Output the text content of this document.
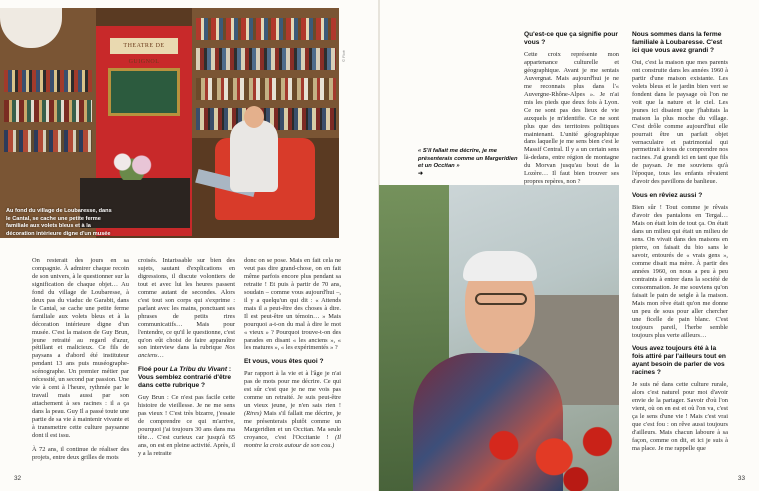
THEATRE DE GUIGNOL
Au fond du village de Loubaresse, dans le Cantal, se cache une petite ferme familiale aux volets bleus et à la décoration intérieure digne d'un musée
© Floé

On resterait des jours en sa compagnie. À admirer chaque recoin de son univers, à le questionner sur la signification de chaque objet… Au fond du village de Loubaresse, à deux pas du viaduc de Garabit, dans le Cantal, se cache une petite ferme familiale aux volets bleus et à la décoration intérieure digne d'un musée. C'est la maison de Guy Brun, jeune retraité au regard d'azur, pétillant et malicieux. Ce fils de paysans a d'abord été instituteur pendant 13 ans puis muséographe-scénographe. Un premier métier par nécessité, un second par passion. Une vie à cent à l'heure, rythmée par le travail mais aussi par son attachement à ses racines : il a ça dans la peau. Guy Il a passé toute une partie de sa vie à maintenir vivante et à transmettre cette culture paysanne dont il est issu.

À 72 ans, il continue de réaliser des projets, entre deux grilles de mots

croisés. Intarissable sur bien des sujets, sautant d'explications en digressions, il discute volontiers de tout et avec lui les heures passent comme autant de secondes. Alors c'est tout son corps qui s'exprime : parlant avec les mains, ponctuant ses phrases de petits rires communicatifs… Mais pour l'entendre, ce qu'il le questionne, c'est qu'on eût choisi de faire apparaître son interview dans la rubrique Nos anciens…

Floé pour La Tribu du Vivant : Vous semblez contrarié d'être dans cette rubrique ?

Guy Brun : Ce n'est pas facile cette histoire de vieillesse. Je ne me sens pas vieux ! C'est très bizarre, j'essaie de comprendre ce qui m'arrive, pourquoi j'ai toujours 30 ans dans ma tête… C'est curieux car jusqu'à 65 ans, on est en pleine activité. Après, il y a la retraite

donc on se pose. Mais en fait cela ne veut pas dire grand-chose, on en fait même parfois encore plus pendant sa retraite ! Et puis à partir de 70 ans, soudain – comme vous aujourd'hui –, il y a quelqu'un qui dit : « Attends mais il a peut-être des choses à dire. Il est peut-être un témoin… » Mais pourquoi a-t-on du mal à dire le mot « vieux » ? Pourquoi trouve-t-on des parades en disant « les anciens », « les matures », « les expérimentés » ?

Et vous, vous êtes quoi ?

Par rapport à la vie et à l'âge je n'ai pas de mots pour me décrire. Ce qui est sûr c'est que je ne me vois pas comme un retraité. Je suis peut-être un vieux jeune, je n'en sais rien ! (Rires) Mais s'il fallait me décrire, je me présenterais plutôt comme un Margeridien et un Occitan. Ma seule croyance, c'est l'Occitanie ! (Il montre la croix autour de son cou.)

32

Qu'est-ce que ça signifie pour vous ?

Cette croix représente mon appartenance culturelle et géographique. Avant je me sentais Auvergnat. Mais aujourd'hui je ne me reconnais plus dans l'« Auvergne-Rhône-Alpes ». Je n'ai mis les pieds que deux fois à Lyon. Ce ne sont pas des lieux de vie auxquels je m'identifie. Ce ne sont plus que des territoires politiques maintenant. L'unité géographique dans laquelle je me sens bien c'est le Massif Central. Il y a un certain sens là-dedans, entre région de montagne du Morvan jusqu'au bout de la Lozère… Il faut bien trouver ses propres repères, non ?

« S'il fallait me décrire, je me présenterais comme un Margeridien et un Occitan »
➜

Nous sommes dans la ferme familiale à Loubaresse. C'est ici que vous avez grandi ?

Oui, c'est la maison que mes parents ont construite dans les années 1960 à partir d'une maison existante. Les volets bleus et le jardin bien vert se fondent dans le paysage où l'on ne voit que la nature et le ciel. Les jeunes ici disaient que j'habitais la maison la plus moche du village. C'est drôle comme aujourd'hui elle pourrait être un parfait objet vernaculaire et patrimonial qui permettrait à tous de comprendre nos racines. J'ai grandi ici en tant que fils de paysan. Je me souviens qu'à l'époque, tous les enfants rêvaient d'avoir des pavillons de banlieue.

Vous en rêviez aussi ?

Bien sûr ! Tout comme je rêvais d'avoir des pantalons en Tergal… Mais on était loin de tout ça. On était dans un milieu qui était un milieu de sens. On vivait dans des maisons en pierre, on faisait du bio sans le savoir, entourés de « vrais gens », comme disait ma mère. À partir des années 1960, on nous a peu à peu contraints à entrer dans la société de consommation. Je me souviens qu'on faisait le pain de seigle à la maison. Mais mon rêve était qu'on me donne un peu de sous pour aller chercher une ficelle de pain blanc. C'est toujours pareil, l'herbe semble toujours plus verte ailleurs…

Vous avez toujours été à la fois attiré par l'ailleurs tout en ayant besoin de parler de vos racines ?

Je suis né dans cette culture rurale, alors c'est naturel pour moi d'avoir envie de la partager. Savoir d'où l'on vient, où on en est et où l'on va, c'est ça le sens d'une vie ! Mais c'est vrai que c'est fou : on rêve aussi toujours d'ailleurs. Mais chacun laboure à sa façon, comme on dit, et ici je suis à ma place. Je me rappelle que

33
